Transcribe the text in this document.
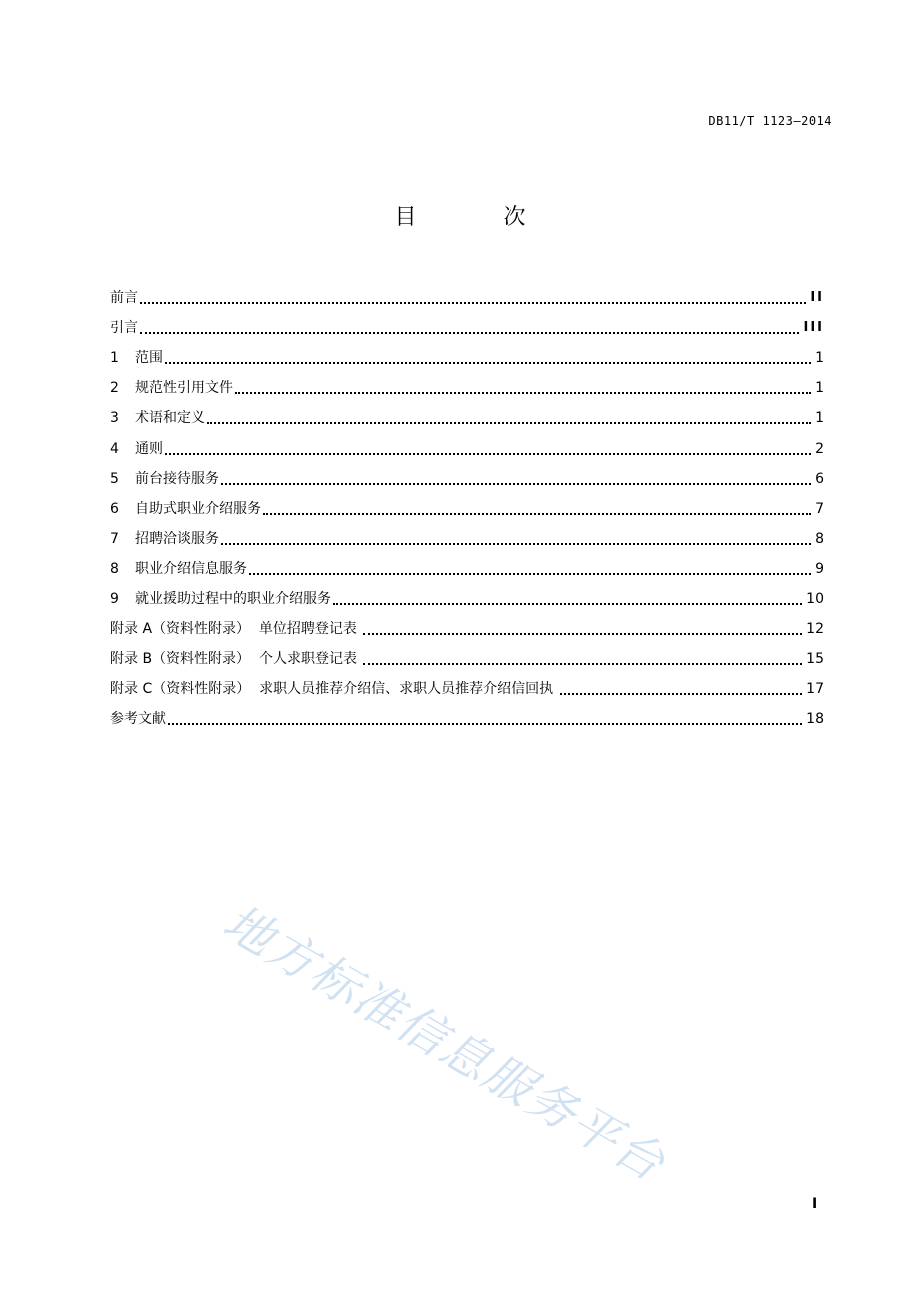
DB11/T 1123—2014
目 次
前言	II
引言	III
1	范围	1
2	规范性引用文件	1
3	术语和定义	1
4	通则	2
5	前台接待服务	6
6	自助式职业介绍服务	7
7	招聘洽谈服务	8
8	职业介绍信息服务	9
9	就业援助过程中的职业介绍服务	10
附录 A（资料性附录）  单位招聘登记表	12
附录 B（资料性附录）  个人求职登记表	15
附录 C（资料性附录）  求职人员推荐介绍信、求职人员推荐介绍信回执	17
参考文献	18
地方标准信息服务平台
I
